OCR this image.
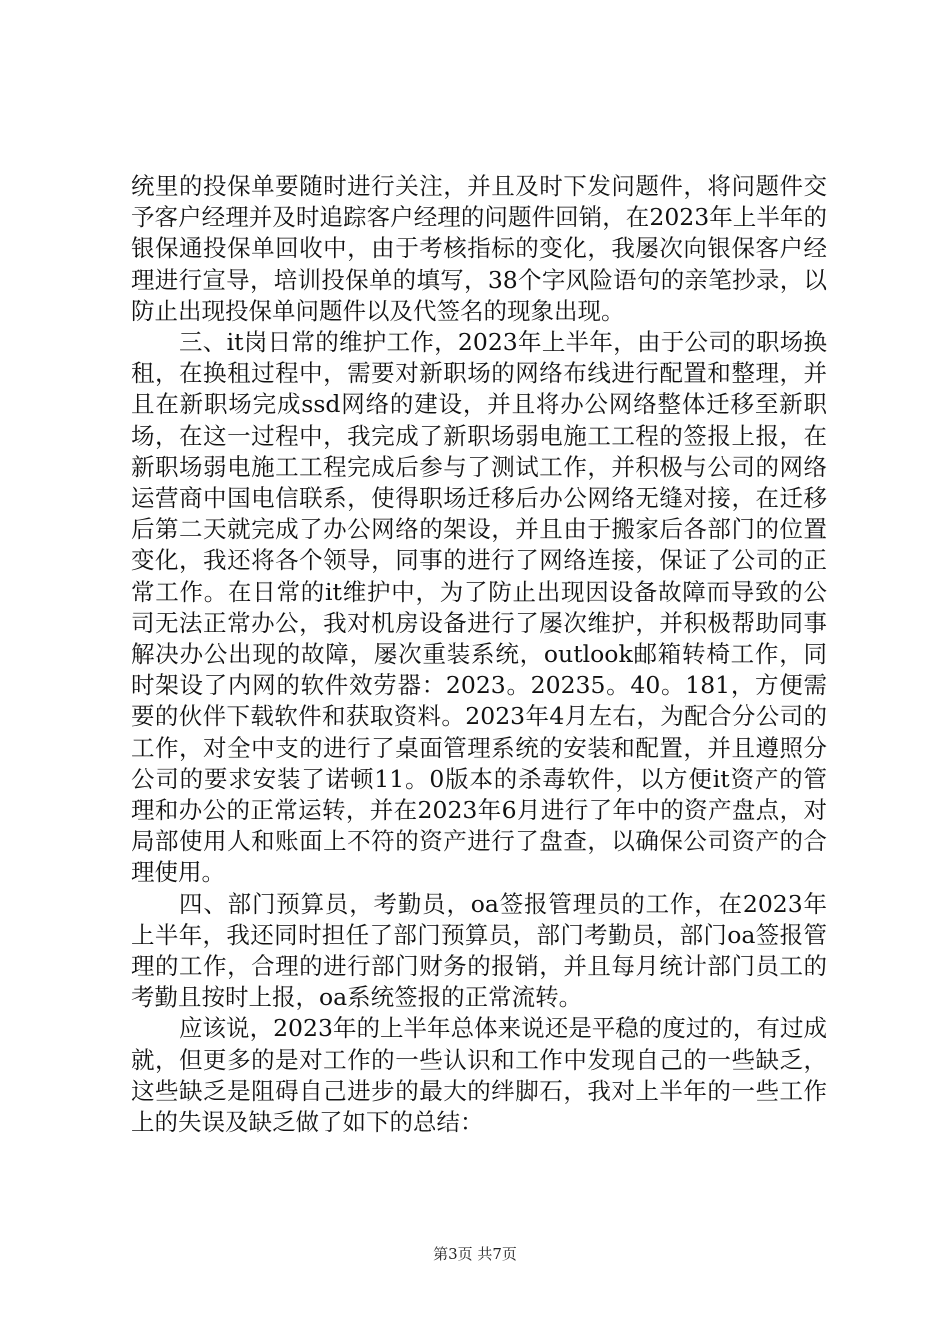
统里的投保单要随时进行关注，并且及时下发问题件，将问题件交予客户经理并及时追踪客户经理的问题件回销，在2023年上半年的银保通投保单回收中，由于考核指标的变化，我屡次向银保客户经理进行宣导，培训投保单的填写，38个字风险语句的亲笔抄录，以防止出现投保单问题件以及代签名的现象出现。

三、it岗日常的维护工作，2023年上半年，由于公司的职场换租，在换租过程中，需要对新职场的网络布线进行配置和整理，并且在新职场完成ssd网络的建设，并且将办公网络整体迁移至新职场，在这一过程中，我完成了新职场弱电施工工程的签报上报，在新职场弱电施工工程完成后参与了测试工作，并积极与公司的网络运营商中国电信联系，使得职场迁移后办公网络无缝对接，在迁移后第二天就完成了办公网络的架设，并且由于搬家后各部门的位置变化，我还将各个领导，同事的进行了网络连接，保证了公司的正常工作。在日常的it维护中，为了防止出现因设备故障而导致的公司无法正常办公，我对机房设备进行了屡次维护，并积极帮助同事解决办公出现的故障，屡次重装系统，outlook邮箱转椅工作，同时架设了内网的软件效劳器：2023。20235。40。181，方便需要的伙伴下载软件和获取资料。2023年4月左右，为配合分公司的工作，对全中支的进行了桌面管理系统的安装和配置，并且遵照分公司的要求安装了诺顿11。0版本的杀毒软件，以方便it资产的管理和办公的正常运转，并在2023年6月进行了年中的资产盘点，对局部使用人和账面上不符的资产进行了盘查，以确保公司资产的合理使用。

四、部门预算员，考勤员，oa签报管理员的工作，在2023年上半年，我还同时担任了部门预算员，部门考勤员，部门oa签报管理的工作，合理的进行部门财务的报销，并且每月统计部门员工的考勤且按时上报，oa系统签报的正常流转。

应该说，2023年的上半年总体来说还是平稳的度过的，有过成就，但更多的是对工作的一些认识和工作中发现自己的一些缺乏，这些缺乏是阻碍自己进步的最大的绊脚石，我对上半年的一些工作上的失误及缺乏做了如下的总结：

第3页 共7页
